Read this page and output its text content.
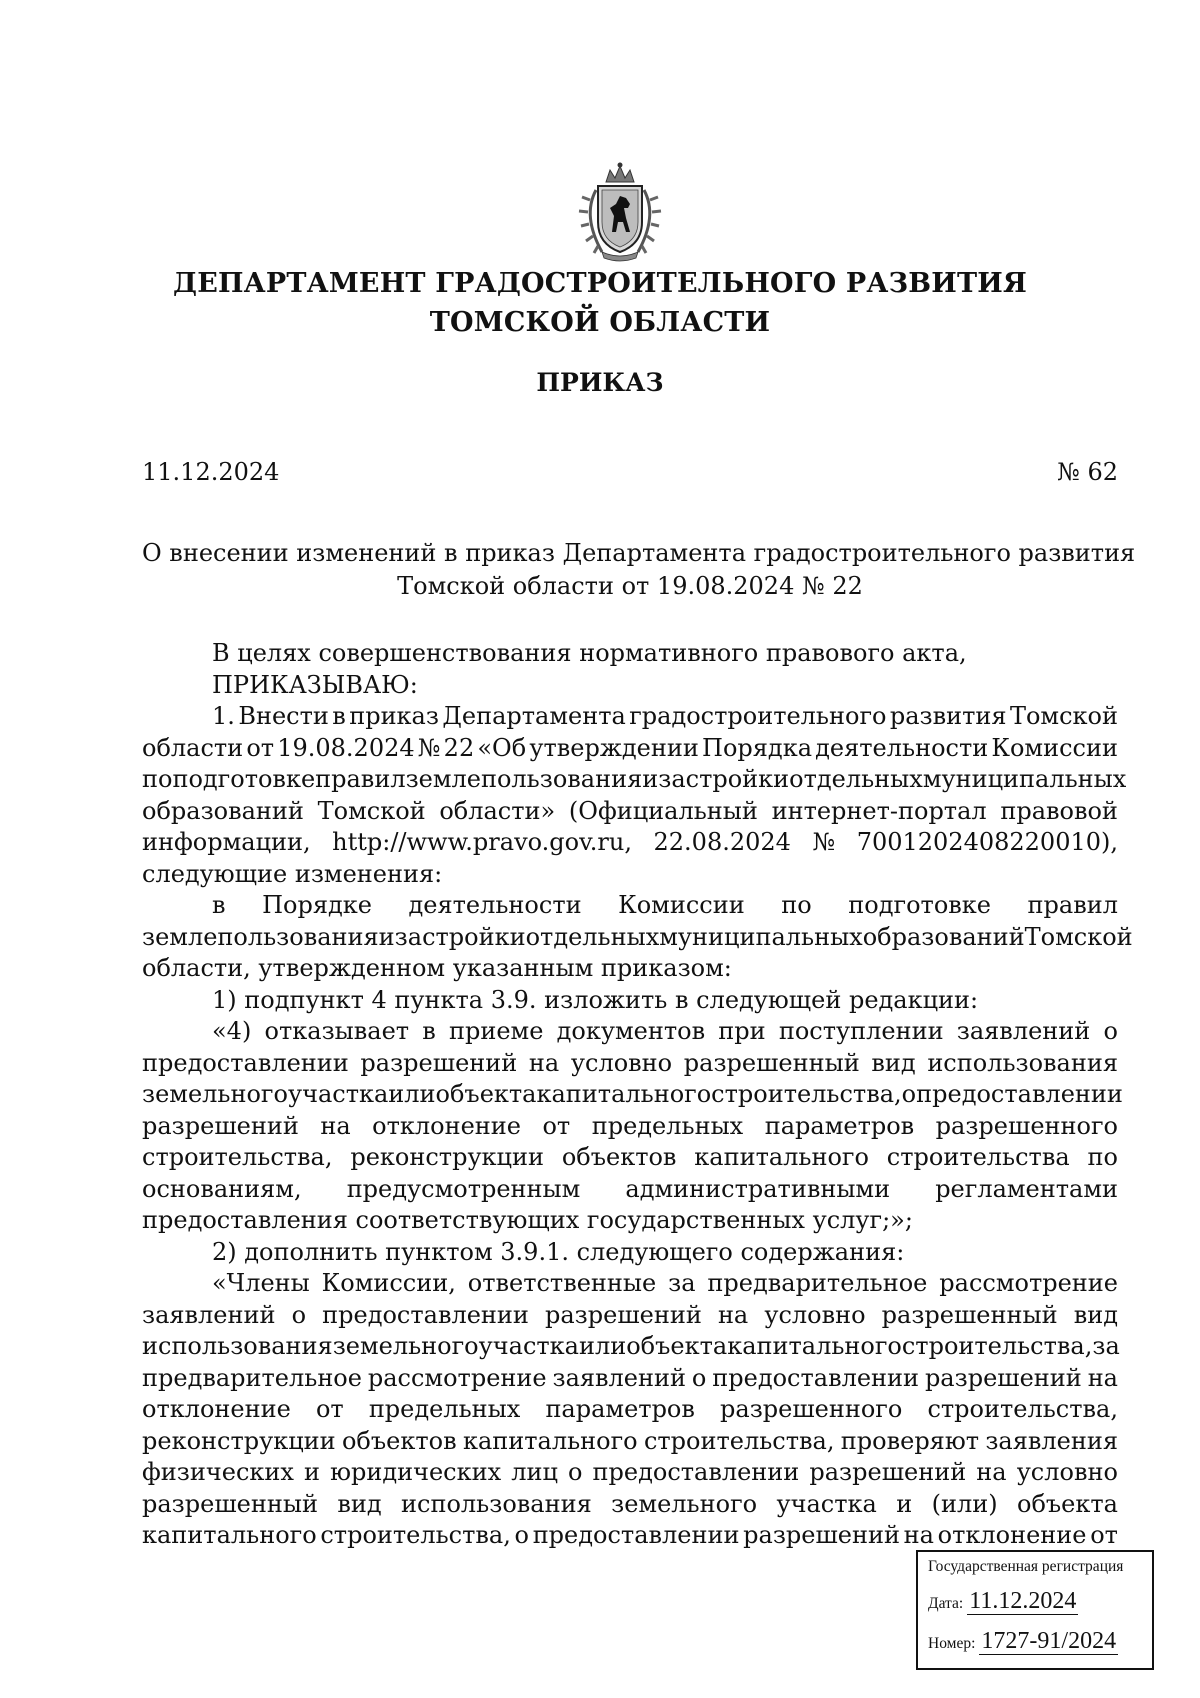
ДЕПАРТАМЕНТ ГРАДОСТРОИТЕЛЬНОГО РАЗВИТИЯ
ТОМСКОЙ ОБЛАСТИ
ПРИКАЗ
11.12.2024	№ 62
О внесении изменений в приказ Департамента градостроительного развития
Томской области от 19.08.2024 № 22
В целях совершенствования нормативного правового акта,
ПРИКАЗЫВАЮ:
1. Внести в приказ Департамента градостроительного развития Томской
области от 19.08.2024 № 22 «Об утверждении Порядка деятельности Комиссии
по подготовке правил землепользования и застройки отдельных муниципальных
образований Томской области» (Официальный интернет-портал правовой
информации, http://www.pravo.gov.ru, 22.08.2024 № 7001202408220010),
следующие изменения:
в Порядке деятельности Комиссии по подготовке правил
землепользования и застройки отдельных муниципальных образований Томской
области, утвержденном указанным приказом:
1) подпункт 4 пункта 3.9. изложить в следующей редакции:
«4) отказывает в приеме документов при поступлении заявлений о
предоставлении разрешений на условно разрешенный вид использования
земельного участка или объекта капитального строительства, о предоставлении
разрешений на отклонение от предельных параметров разрешенного
строительства, реконструкции объектов капитального строительства по
основаниям, предусмотренным административными регламентами
предоставления соответствующих государственных услуг;»;
2) дополнить пунктом 3.9.1. следующего содержания:
«Члены Комиссии, ответственные за предварительное рассмотрение
заявлений о предоставлении разрешений на условно разрешенный вид
использования земельного участка или объекта капитального строительства, за
предварительное рассмотрение заявлений о предоставлении разрешений на
отклонение от предельных параметров разрешенного строительства,
реконструкции объектов капитального строительства, проверяют заявления
физических и юридических лиц о предоставлении разрешений на условно
разрешенный вид использования земельного участка и (или) объекта
капитального строительства, о предоставлении разрешений на отклонение от
Государственная регистрация
Дата: 11.12.2024
Номер: 1727-91/2024
